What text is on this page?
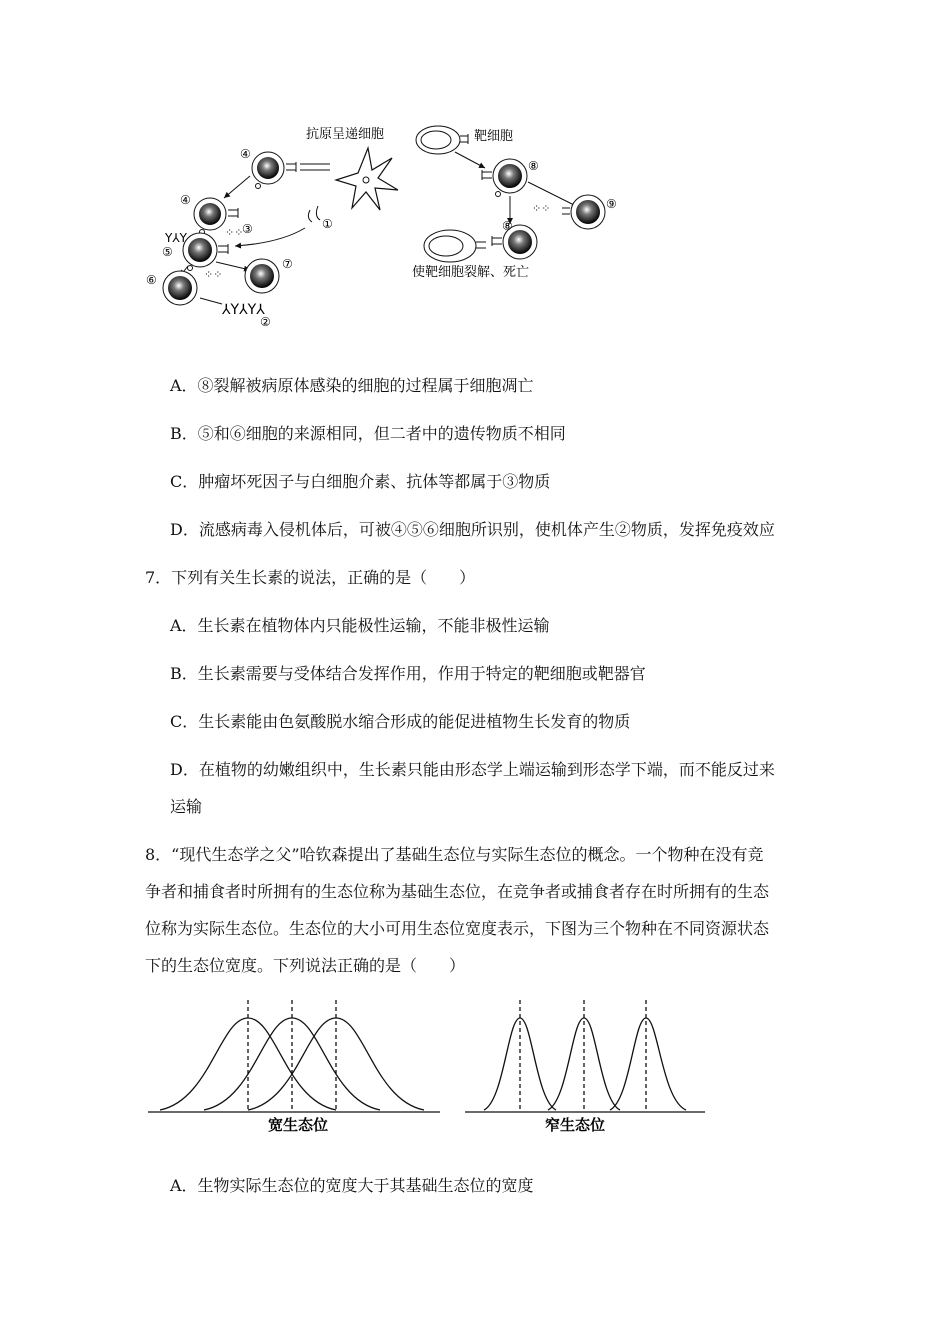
抗原呈递细胞
④
④
⁘⁘
③	①
Y⅄Y
⑤
⑥
⅄Y⅄Y⅄
②
⁘⁘
⑦
靶细胞
⑧
⁘⁘	⑨
⑧
使靶细胞裂解、死亡
A．⑧裂解被病原体感染的细胞的过程属于细胞凋亡
B．⑤和⑥细胞的来源相同，但二者中的遗传物质不相同
C．肿瘤坏死因子与白细胞介素、抗体等都属于③物质
D．流感病毒入侵机体后，可被④⑤⑥细胞所识别，使机体产生②物质，发挥免疫效应
7．下列有关生长素的说法，正确的是（　　）
A．生长素在植物体内只能极性运输，不能非极性运输
B．生长素需要与受体结合发挥作用，作用于特定的靶细胞或靶器官
C．生长素能由色氨酸脱水缩合形成的能促进植物生长发育的物质
D．在植物的幼嫩组织中，生长素只能由形态学上端运输到形态学下端，而不能反过来
运输
8．“现代生态学之父”哈钦森提出了基础生态位与实际生态位的概念。一个物种在没有竞
争者和捕食者时所拥有的生态位称为基础生态位，在竞争者或捕食者存在时所拥有的生态
位称为实际生态位。生态位的大小可用生态位宽度表示，下图为三个物种在不同资源状态
下的生态位宽度。下列说法正确的是（　　）
宽生态位	窄生态位
A．生物实际生态位的宽度大于其基础生态位的宽度
